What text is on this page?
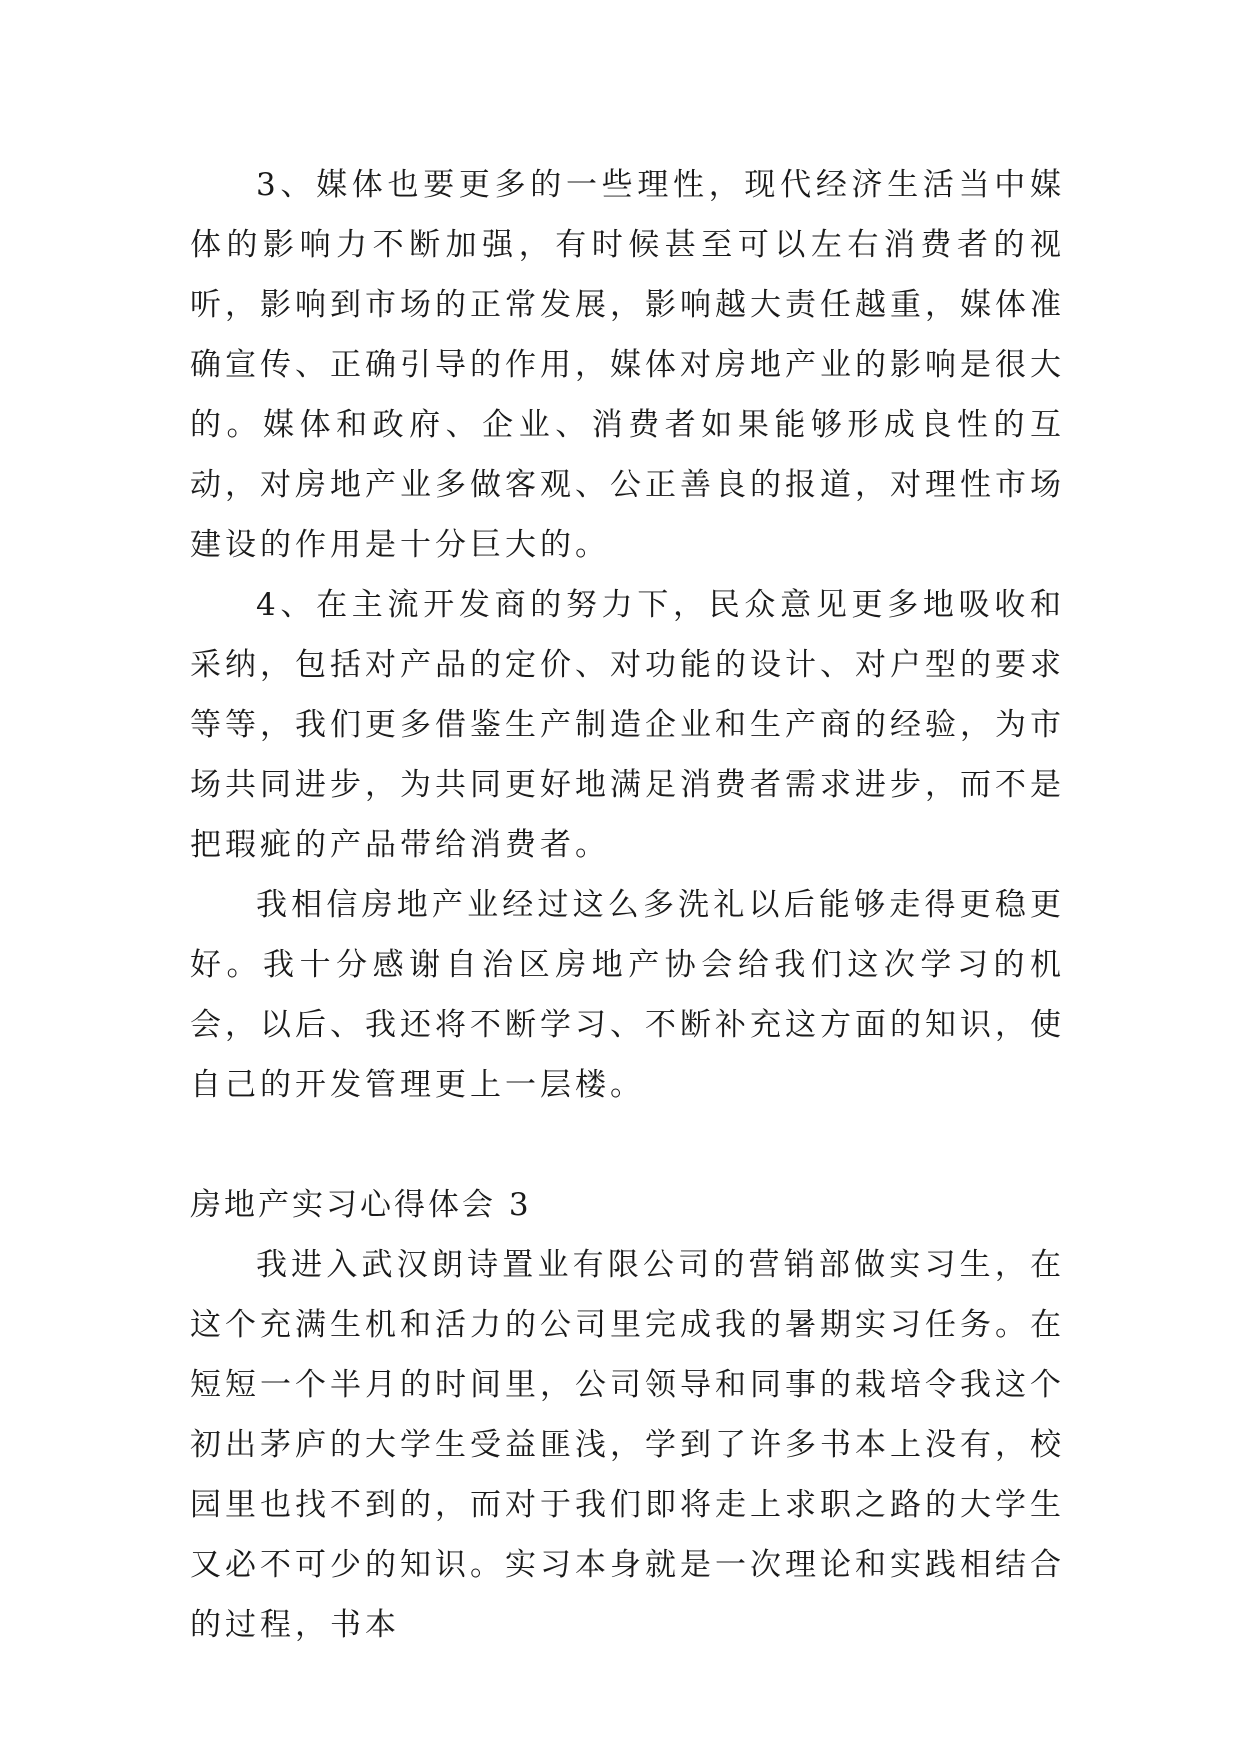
3、媒体也要更多的一些理性，现代经济生活当中媒体的影响力不断加强，有时候甚至可以左右消费者的视听，影响到市场的正常发展，影响越大责任越重，媒体准确宣传、正确引导的作用，媒体对房地产业的影响是很大的。媒体和政府、企业、消费者如果能够形成良性的互动，对房地产业多做客观、公正善良的报道，对理性市场建设的作用是十分巨大的。

4、在主流开发商的努力下，民众意见更多地吸收和采纳，包括对产品的定价、对功能的设计、对户型的要求等等，我们更多借鉴生产制造企业和生产商的经验，为市场共同进步，为共同更好地满足消费者需求进步，而不是把瑕疵的产品带给消费者。

我相信房地产业经过这么多洗礼以后能够走得更稳更好。我十分感谢自治区房地产协会给我们这次学习的机会，以后、我还将不断学习、不断补充这方面的知识，使自己的开发管理更上一层楼。

房地产实习心得体会 3

我进入武汉朗诗置业有限公司的营销部做实习生，在这个充满生机和活力的公司里完成我的暑期实习任务。在短短一个半月的时间里，公司领导和同事的栽培令我这个初出茅庐的大学生受益匪浅，学到了许多书本上没有，校园里也找不到的，而对于我们即将走上求职之路的大学生又必不可少的知识。实习本身就是一次理论和实践相结合的过程，书本
